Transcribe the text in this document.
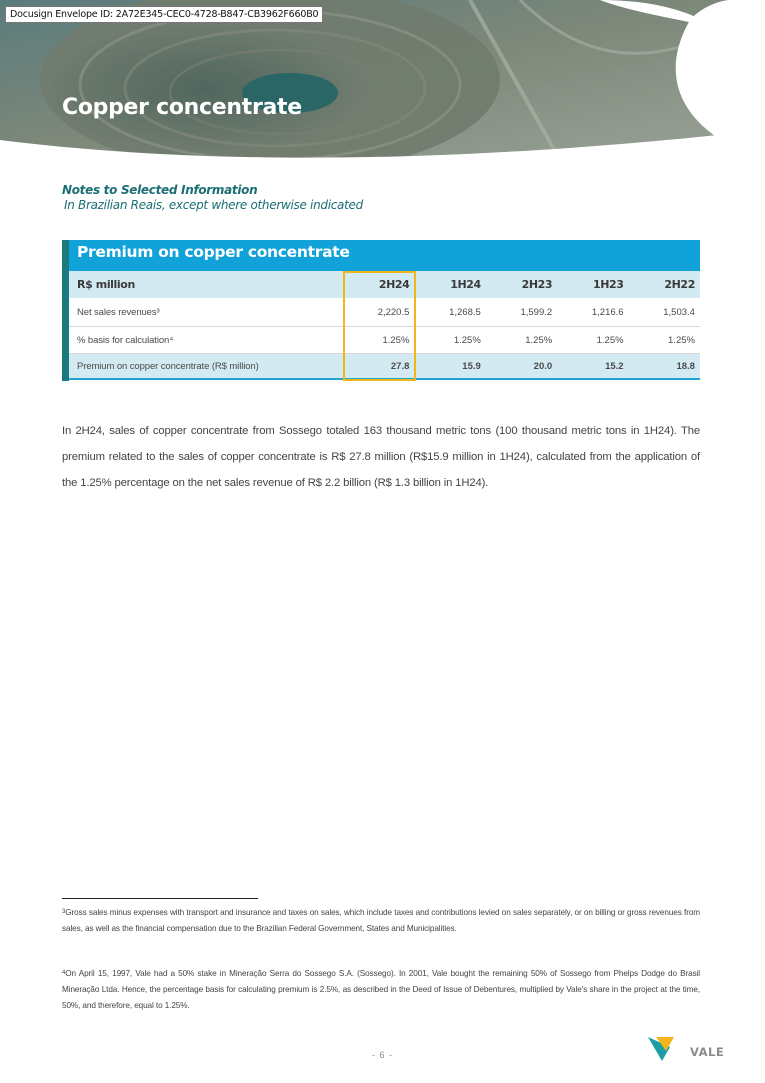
Docusign Envelope ID: 2A72E345-CEC0-4728-B847-CB3962F660B0
Copper concentrate
Notes to Selected Information
In Brazilian Reais, except where otherwise indicated
Premium on copper concentrate
R$ million	2H24	1H24	2H23	1H23	2H22
Net sales revenues³	2,220.5	1,268.5	1,599.2	1,216.6	1,503.4
% basis for calculation⁴	1.25%	1.25%	1.25%	1.25%	1.25%
Premium on copper concentrate (R$ million)	27.8	15.9	20.0	15.2	18.8

In 2H24, sales of copper concentrate from Sossego totaled 163 thousand metric tons (100 thousand metric tons in 1H24). The premium related to the sales of copper concentrate is R$ 27.8 million (R$15.9 million in 1H24), calculated from the application of the 1.25% percentage on the net sales revenue of R$ 2.2 billion (R$ 1.3 billion in 1H24).

$^3$Gross sales minus expenses with transport and insurance and taxes on sales, which include taxes and contributions levied on sales separately, or on billing or gross revenues from sales, as well as the financial compensation due to the Brazilian Federal Government, States and Municipalities.

$^4$On April 15, 1997, Vale had a 50% stake in Mineração Serra do Sossego S.A. (Sossego). In 2001, Vale bought the remaining 50% of Sossego from Phelps Dodge do Brasil Mineração Ltda. Hence, the percentage basis for calculating premium is 2.5%, as described in the Deed of Issue of Debentures, multiplied by Vale's share in the project at the time, 50%, and therefore, equal to 1.25%.

- 6 -	VALE
